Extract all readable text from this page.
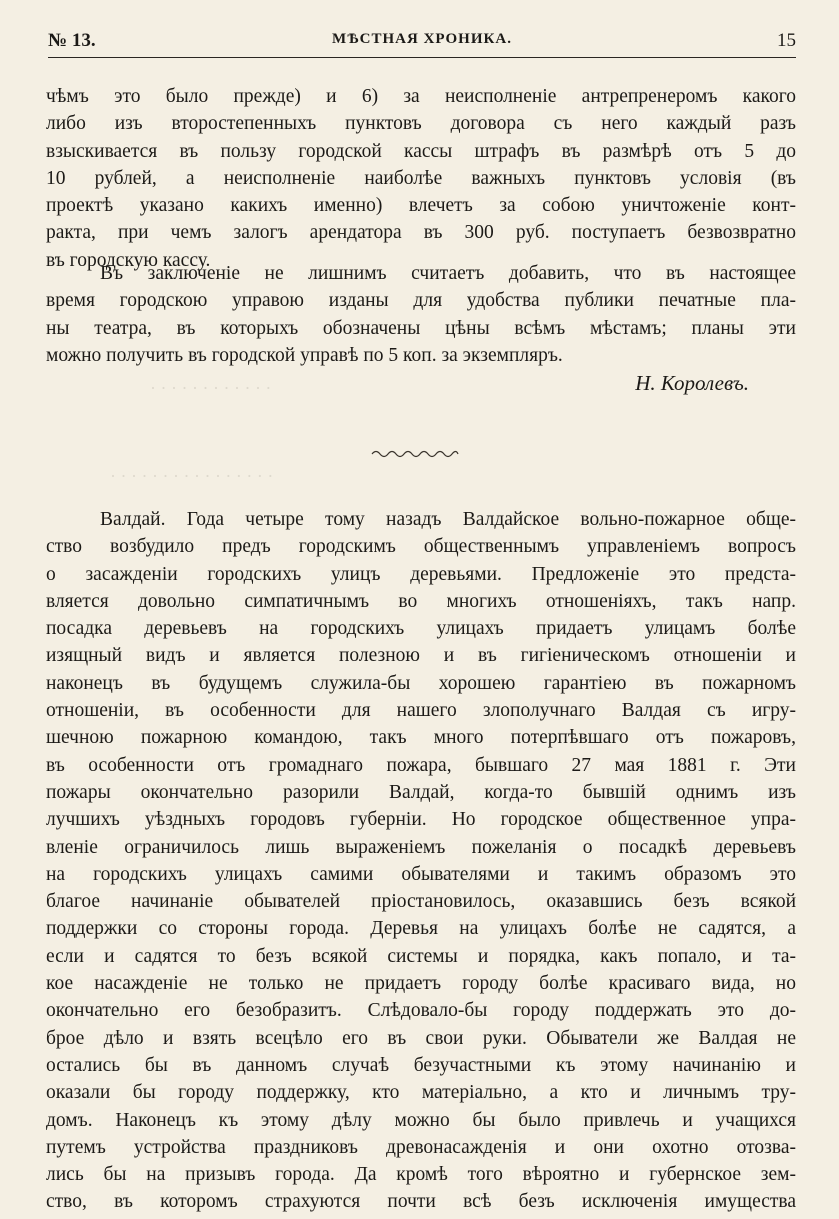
№ 13.	МѢСТНАЯ ХРОНИКА.	15
· · · · · · · · · · · ·
· · · · · · · · · · · · · · · ·
чѣмъ это было прежде) и 6) за неисполненіе антрепренеромъ какого
либо изъ второстепенныхъ пунктовъ договора съ него каждый разъ
взыскивается въ пользу городской кассы штрафъ въ размѣрѣ отъ 5 до
10 рублей, а неисполненіе наиболѣе важныхъ пунктовъ условія (въ
проектѣ указано какихъ именно) влечетъ за собою уничтоженіе конт-
ракта, при чемъ залогъ арендатора въ 300 руб. поступаетъ безвозвратно
въ городскую кассу.
Въ заключеніе не лишнимъ считаетъ добавить, что въ настоящее
время городскою управою изданы для удобства публики печатные пла-
ны театра, въ которыхъ обозначены цѣны всѣмъ мѣстамъ; планы эти
можно получить въ городской управѣ по 5 коп. за экземпляръ.
Н. Королевъ.
Валдай. Года четыре тому назадъ Валдайское вольно-пожарное обще-
ство возбудило предъ городскимъ общественнымъ управленіемъ вопросъ
о засажденіи городскихъ улицъ деревьями. Предложеніе это предста-
вляется довольно симпатичнымъ во многихъ отношеніяхъ, такъ напр.
посадка деревьевъ на городскихъ улицахъ придаетъ улицамъ болѣе
изящный видъ и является полезною и въ гигіеническомъ отношеніи и
наконецъ въ будущемъ служила-бы хорошею гарантіею въ пожарномъ
отношеніи, въ особенности для нашего злополучнаго Валдая съ игру-
шечною пожарною командою, такъ много потерпѣвшаго отъ пожаровъ,
въ особенности отъ громаднаго пожара, бывшаго 27 мая 1881 г. Эти
пожары окончательно разорили Валдай, когда-то бывшій однимъ изъ
лучшихъ уѣздныхъ городовъ губерніи. Но городское общественное упра-
вленіе ограничилось лишь выраженіемъ пожеланія о посадкѣ деревьевъ
на городскихъ улицахъ самими обывателями и такимъ образомъ это
благое начинаніе обывателей пріостановилось, оказавшись безъ всякой
поддержки со стороны города. Деревья на улицахъ болѣе не садятся, а
если и садятся то безъ всякой системы и порядка, какъ попало, и та-
кое насажденіе не только не придаетъ городу болѣе красиваго вида, но
окончательно его безобразитъ. Слѣдовало-бы городу поддержать это до-
брое дѣло и взять всецѣло его въ свои руки. Обыватели же Валдая не
остались бы въ данномъ случаѣ безучастными къ этому начинанію и
оказали бы городу поддержку, кто матеріально, а кто и личнымъ тру-
домъ. Наконецъ къ этому дѣлу можно бы было привлечь и учащихся
путемъ устройства праздниковъ древонасажденія и они охотно отозва-
лись бы на призывъ города. Да кромѣ того вѣроятно и губернское зем-
ство, въ которомъ страхуются почти всѣ безъ исключенія имущества
